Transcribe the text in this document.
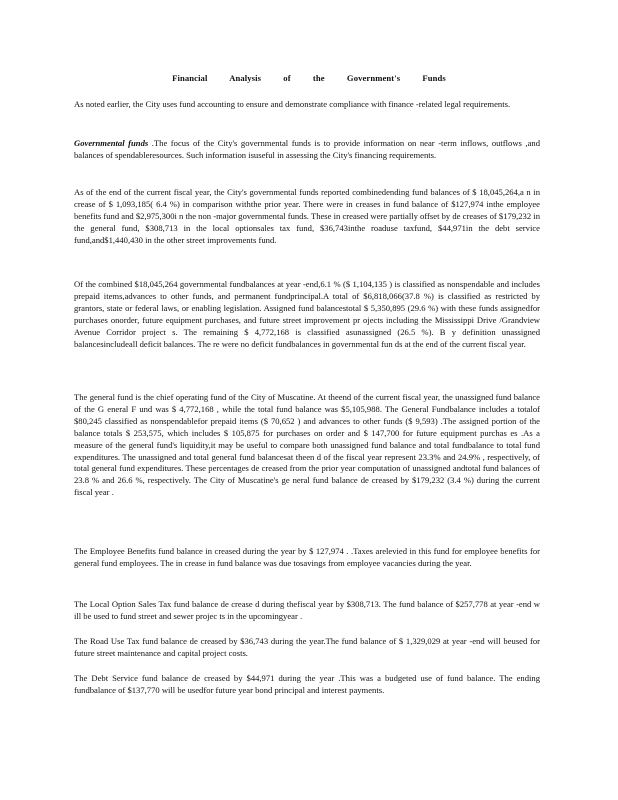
Financial Analysis of the Government's Funds

As noted earlier, the City uses fund accounting to ensure and demonstrate compliance with finance -related legal requirements.

Governmental funds .The focus of the City's governmental funds is to provide information on near -term inflows, outflows ,and balances of spendableresources. Such information isuseful in assessing the City's financing requirements.

As of the end of the current fiscal year, the City's governmental funds reported combinedending fund balances of $ 18,045,264,a n in crease of $ 1,093,185( 6.4 %) in comparison withthe prior year. There were in creases in fund balance of $127,974 inthe employee benefits fund and $2,975,300i n the non -major governmental funds. These in creased were partially offset by de creases of $179,232 in the general fund, $308,713 in the local optionsales tax fund, $36,743inthe roaduse taxfund, $44,971in the debt service fund,and$1,440,430 in the other street improvements fund.

Of the combined $18,045,264 governmental fundbalances at year -end,6.1 % ($ 1,104,135 ) is classified as nonspendable and includes prepaid items,advances to other funds, and permanent fundprincipal.A total of $6,818,066(37.8 %) is classified as restricted by grantors, state or federal laws, or enabling legislation. Assigned fund balancestotal $ 5,350,895 (29.6 %) with these funds assignedfor purchases onorder, future equipment purchases, and future street improvement pr ojects including the Mississippi Drive /Grandview Avenue Corridor project s. The remaining $ 4,772,168 is classified asunassigned (26.5 %). B y definition unassigned balancesincludeall deficit balances. The re were no deficit fundbalances in governmental fun ds at the end of the current fiscal year.

The general fund is the chief operating fund of the City of Muscatine. At theend of the current fiscal year, the unassigned fund balance of the G eneral F und was $ 4,772,168 , while the total fund balance was $5,105,988. The General Fundbalance includes a totalof $80,245 classified as nonspendablefor prepaid items ($ 70,652 ) and advances to other funds ($ 9,593) .The assigned portion of the balance totals $ 253,575, which includes $ 105,875 for purchases on order and $ 147,700 for future equipment purchas es .As a measure of the general fund's liquidity,it may be useful to compare both unassigned fund balance and total fundbalance to total fund expenditures. The unassigned and total general fund balancesat theen d of the fiscal year represent 23.3% and 24.9% , respectively, of total general fund expenditures. These percentages de creased from the prior year computation of unassigned andtotal fund balances of 23.8 % and 26.6 %, respectively. The City of Muscatine's ge neral fund balance de creased by $179,232 (3.4 %) during the current fiscal year .

The Employee Benefits fund balance in creased during the year by $ 127,974 . .Taxes arelevied in this fund for employee benefits for general fund employees. The in crease in fund balance was due tosavings from employee vacancies during the year.

The Local Option Sales Tax fund balance de crease d during thefiscal year by $308,713. The fund balance of $257,778 at year -end w ill be used to fund street and sewer projec ts in the upcomingyear .

The Road Use Tax fund balance de creased by $36,743 during the year.The fund balance of $ 1,329,029 at year -end will beused for future street maintenance and capital project costs.

The Debt Service fund balance de creased by $44,971 during the year .This was a budgeted use of fund balance. The ending fundbalance of $137,770 will be usedfor future year bond principal and interest payments.
